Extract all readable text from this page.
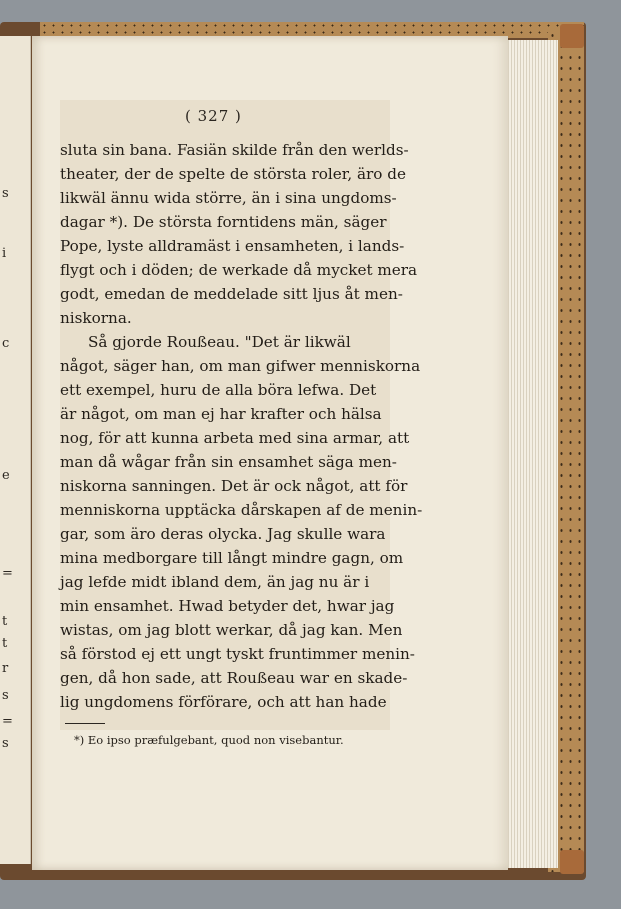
s
i
c
e
=
t
t
r
s
=
s
( 327 )
sluta sin bana. Fasiän skilde från den werlds-
theater, der de spelte de största roler, äro de
likwäl ännu wida större, än i sina ungdoms-
dagar *). De största forntidens män, säger
Pope, lyste alldramäst i ensamheten, i lands-
flygt och i döden; de werkade då mycket mera
godt, emedan de meddelade sitt ljus åt men-
niskorna.
Så gjorde Roußeau. "Det är likwäl
något, säger han, om man gifwer menniskorna
ett exempel, huru de alla böra lefwa. Det
är något, om man ej har krafter och hälsa
nog, för att kunna arbeta med sina armar, att
man då wågar från sin ensamhet säga men-
niskorna sanningen. Det är ock något, att för
menniskorna upptäcka dårskapen af de menin-
gar, som äro deras olycka. Jag skulle wara
mina medborgare till långt mindre gagn, om
jag lefde midt ibland dem, än jag nu är i
min ensamhet. Hwad betyder det, hwar jag
wistas, om jag blott werkar, då jag kan. Men
så förstod ej ett ungt tyskt fruntimmer menin-
gen, då hon sade, att Roußeau war en skade-
lig ungdomens förförare, och att han hade
*) Eo ipso præfulgebant, quod non visebantur.
